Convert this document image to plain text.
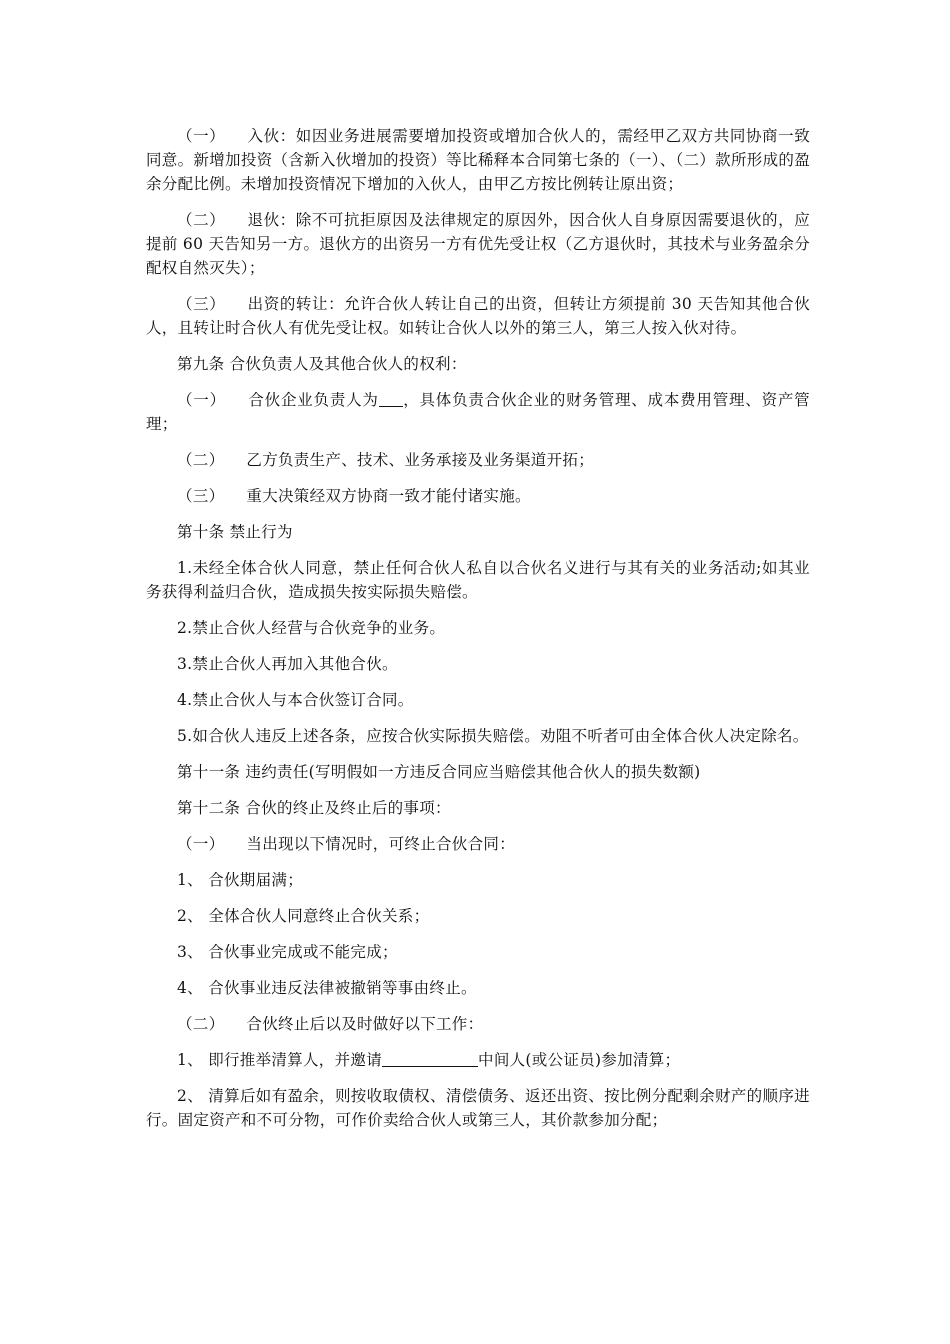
（一） 入伙：如因业务进展需要增加投资或增加合伙人的，需经甲乙双方共同协商一致同意。新增加投资（含新入伙增加的投资）等比稀释本合同第七条的（一）、（二）款所形成的盈余分配比例。未增加投资情况下增加的入伙人，由甲乙方按比例转让原出资；

（二） 退伙：除不可抗拒原因及法律规定的原因外，因合伙人自身原因需要退伙的，应提前 60 天告知另一方。退伙方的出资另一方有优先受让权（乙方退伙时，其技术与业务盈余分配权自然灭失）；

（三） 出资的转让：允许合伙人转让自己的出资，但转让方须提前 30 天告知其他合伙人，且转让时合伙人有优先受让权。如转让合伙人以外的第三人，第三人按入伙对待。

第九条 合伙负责人及其他合伙人的权利：

（一） 合伙企业负责人为 ，具体负责合伙企业的财务管理、成本费用管理、资产管理；

（二） 乙方负责生产、技术、业务承接及业务渠道开拓；

（三） 重大决策经双方协商一致才能付诸实施。

第十条 禁止行为

1.未经全体合伙人同意，禁止任何合伙人私自以合伙名义进行与其有关的业务活动;如其业务获得利益归合伙，造成损失按实际损失赔偿。

2.禁止合伙人经营与合伙竞争的业务。

3.禁止合伙人再加入其他合伙。

4.禁止合伙人与本合伙签订合同。

5.如合伙人违反上述各条，应按合伙实际损失赔偿。劝阻不听者可由全体合伙人决定除名。

第十一条 违约责任(写明假如一方违反合同应当赔偿其他合伙人的损失数额)

第十二条 合伙的终止及终止后的事项：

（一） 当出现以下情况时，可终止合伙合同：

1、 合伙期届满；

2、 全体合伙人同意终止合伙关系；

3、 合伙事业完成或不能完成；

4、 合伙事业违反法律被撤销等事由终止。

（二） 合伙终止后以及时做好以下工作：

1、 即行推举清算人，并邀请	中间人(或公证员)参加清算；

2、 清算后如有盈余，则按收取债权、清偿债务、返还出资、按比例分配剩余财产的顺序进行。固定资产和不可分物，可作价卖给合伙人或第三人，其价款参加分配；
